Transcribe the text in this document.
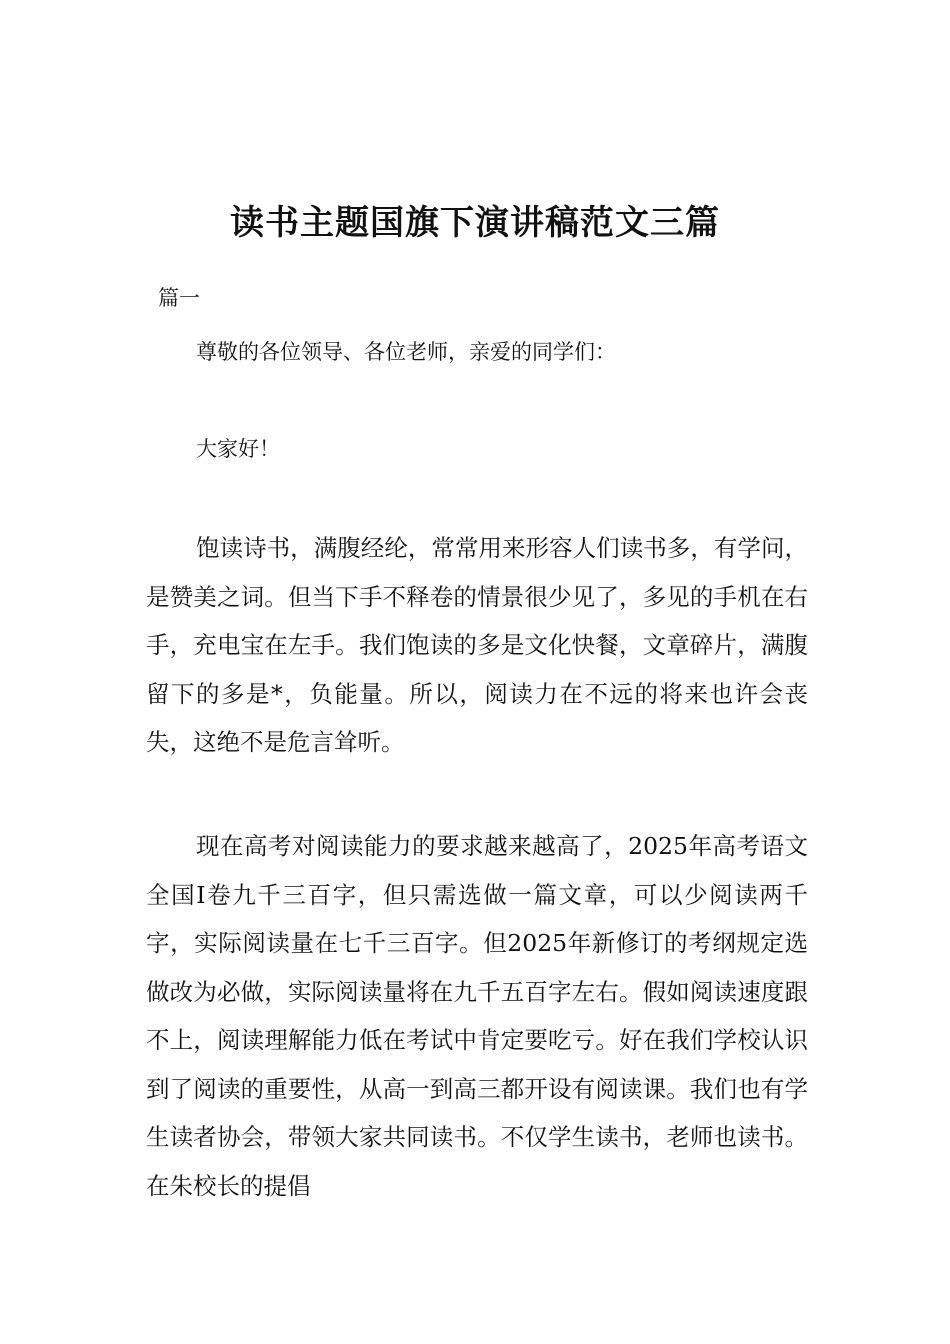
读书主题国旗下演讲稿范文三篇
篇一
尊敬的各位领导、各位老师，亲爱的同学们：
大家好！

饱读诗书，满腹经纶，常常用来形容人们读书多，有学问，是赞美之词。但当下手不释卷的情景很少见了，多见的手机在右手，充电宝在左手。我们饱读的多是文化快餐，文章碎片，满腹留下的多是*，负能量。所以，阅读力在不远的将来也许会丧失，这绝不是危言耸听。

现在高考对阅读能力的要求越来越高了，2025年高考语文全国Ⅰ卷九千三百字，但只需选做一篇文章，可以少阅读两千字，实际阅读量在七千三百字。但2025年新修订的考纲规定选做改为必做，实际阅读量将在九千五百字左右。假如阅读速度跟不上，阅读理解能力低在考试中肯定要吃亏。好在我们学校认识到了阅读的重要性，从高一到高三都开设有阅读课。我们也有学生读者协会，带领大家共同读书。不仅学生读书，老师也读书。在朱校长的提倡
